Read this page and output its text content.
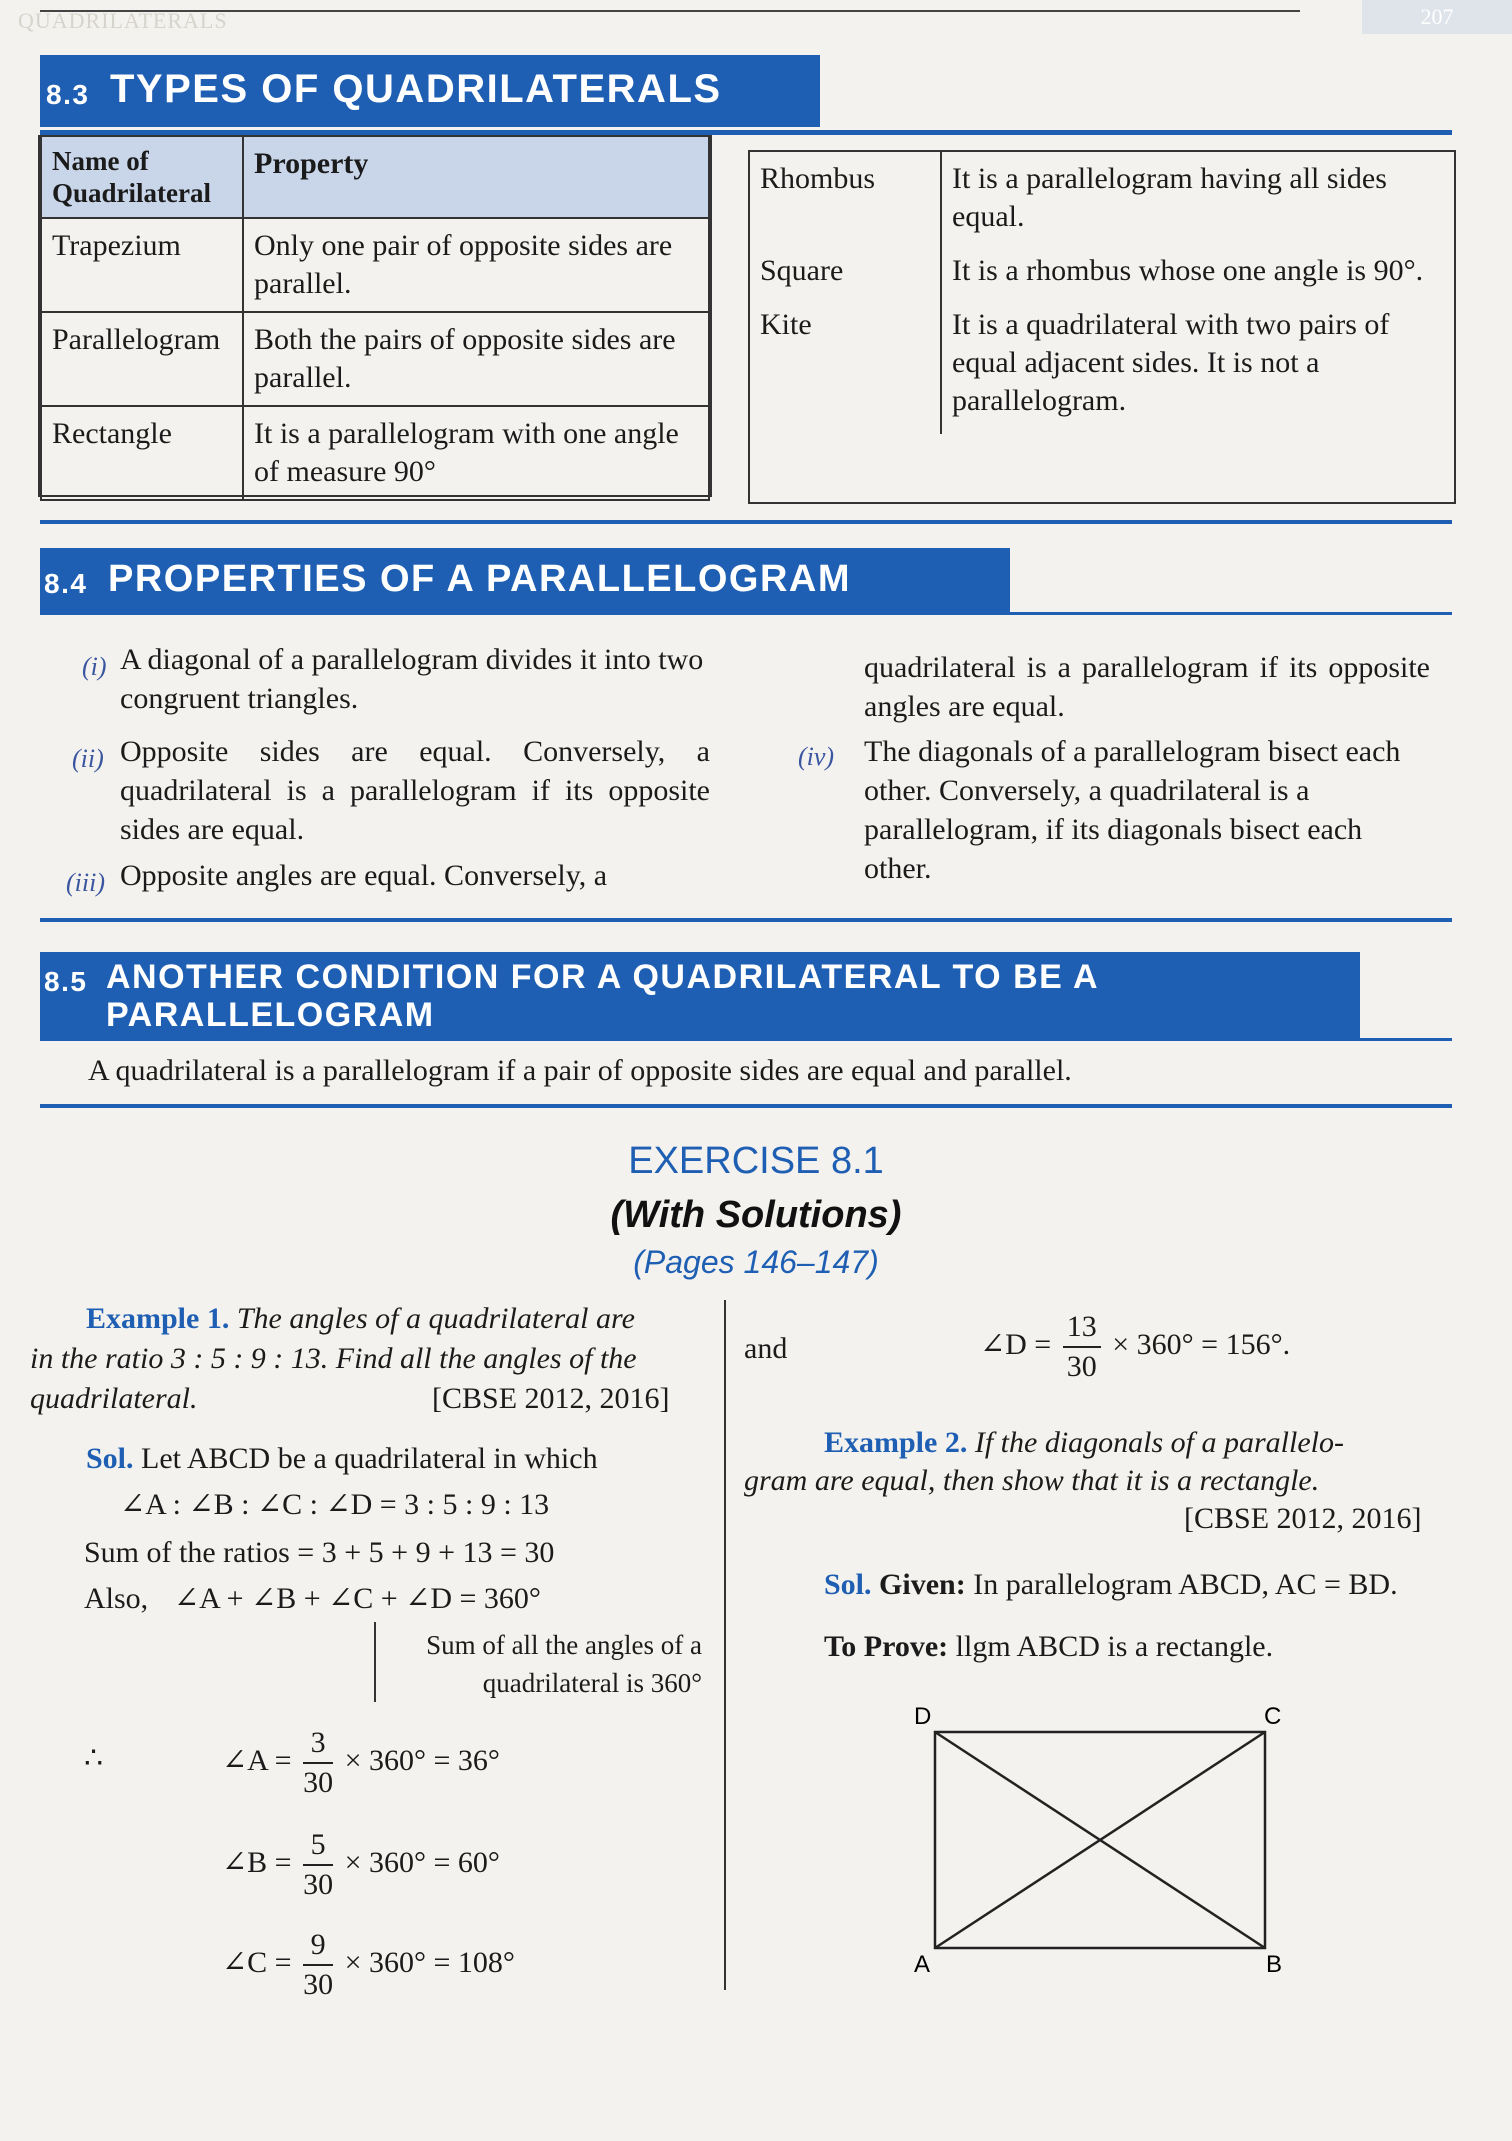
QUADRILATERALS	207
8.3 TYPES OF QUADRILATERALS
Name of Quadrilateral	Property
Trapezium	Only one pair of opposite sides are parallel.
Parallelogram	Both the pairs of opposite sides are parallel.
Rectangle	It is a parallelogram with one angle of measure 90°
Rhombus	It is a parallelogram having all sides equal.
Square	It is a rhombus whose one angle is 90°.
Kite	It is a quadrilateral with two pairs of equal adjacent sides. It is not a parallelogram.
8.4 PROPERTIES OF A PARALLELOGRAM
(i) A diagonal of a parallelogram divides it into two congruent triangles.
(ii) Opposite sides are equal. Conversely, a quadrilateral is a parallelogram if its opposite sides are equal.
(iii) Opposite angles are equal. Conversely, a
quadrilateral is a parallelogram if its opposite angles are equal.
(iv) The diagonals of a parallelogram bisect each other. Conversely, a quadrilateral is a parallelogram, if its diagonals bisect each other.
8.5 ANOTHER CONDITION FOR A QUADRILATERAL TO BE A
PARALLELOGRAM
A quadrilateral is a parallelogram if a pair of opposite sides are equal and parallel.
EXERCISE 8.1
(With Solutions)
(Pages 146–147)
Example 1. The angles of a quadrilateral are
in the ratio 3 : 5 : 9 : 13. Find all the angles of the
quadrilateral.	[CBSE 2012, 2016]
Sol. Let ABCD be a quadrilateral in which
∠A : ∠B : ∠C : ∠D = 3 : 5 : 9 : 13
Sum of the ratios = 3 + 5 + 9 + 13 = 30
Also, ∠A + ∠B + ∠C + ∠D = 360°
Sum of all the angles of a
quadrilateral is 360°
∴	∠A = $\frac{3}{30} \times 360^\circ = 36^\circ$
∠B = $\frac{5}{30} \times 360^\circ = 60^\circ$
∠C = $\frac{9}{30} \times 360^\circ = 108^\circ$
and	∠D = $\frac{13}{30} \times 360^\circ = 156^\circ$.
Example 2. If the diagonals of a parallelo-
gram are equal, then show that it is a rectangle.
[CBSE 2012, 2016]
Sol. Given: In parallelogram ABCD, AC = BD.
To Prove: llgm ABCD is a rectangle.
D	C
A	B
